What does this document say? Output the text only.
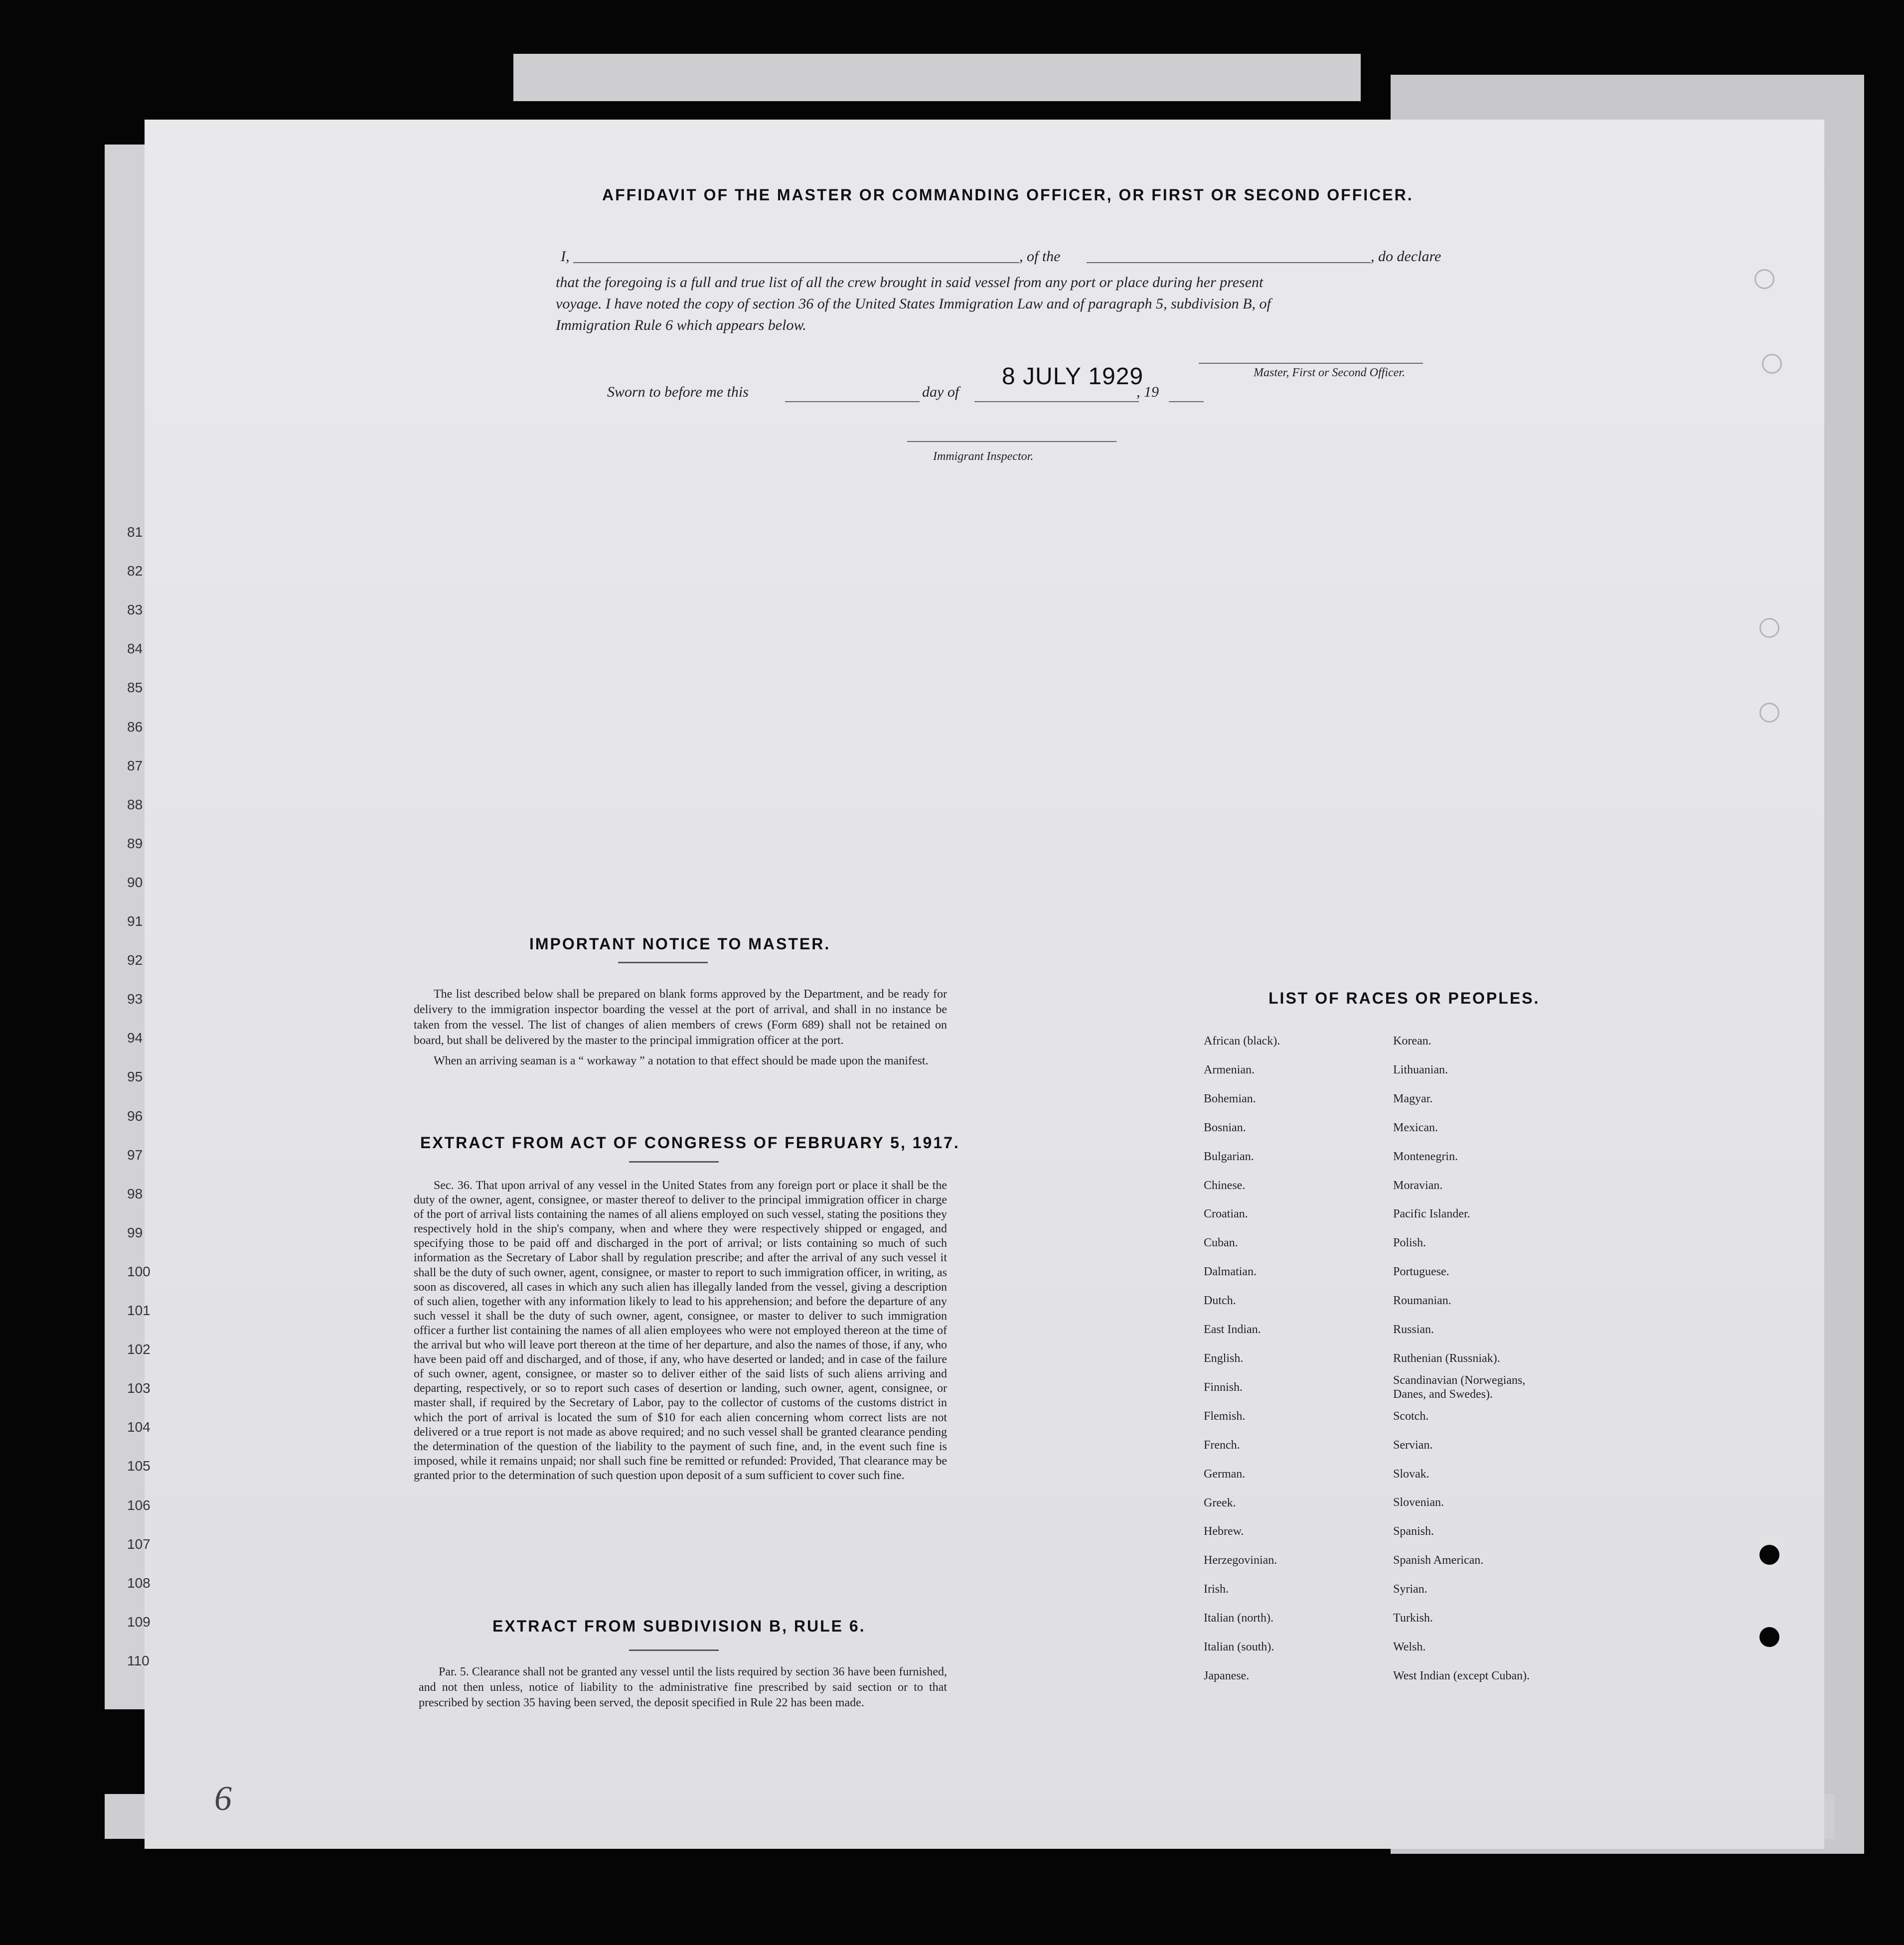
81
82
83
84
85
86
87
88
89
90
91
92
93
94
95
96
97
98
99
100
101
102
103
104
105
106
107
108
109
110
AFFIDAVIT OF THE MASTER OR COMMANDING OFFICER, OR FIRST OR SECOND OFFICER.
I,	, of the	, do declare
that the foregoing is a full and true list of all the crew brought in said vessel from any port or place during her present
voyage. I have noted the copy of section 36 of the United States Immigration Law and of paragraph 5, subdivision B, of
Immigration Rule 6 which appears below.
Master, First or Second Officer.
Sworn to before me this	day of
8 JULY 1929
, 19
Immigrant Inspector.
IMPORTANT NOTICE TO MASTER.

The list described below shall be prepared on blank forms approved by the Department, and be ready for delivery to the immigration inspector boarding the vessel at the port of arrival, and shall in no instance be taken from the vessel. The list of changes of alien members of crews (Form 689) shall not be retained on board, but shall be delivered by the master to the principal immigration officer at the port.

When an arriving seaman is a “ workaway ” a notation to that effect should be made upon the manifest.

EXTRACT FROM ACT OF CONGRESS OF FEBRUARY 5, 1917.

Sec. 36. That upon arrival of any vessel in the United States from any foreign port or place it shall be the duty of the owner, agent, consignee, or master thereof to deliver to the principal immigration officer in charge of the port of arrival lists containing the names of all aliens employed on such vessel, stating the positions they respectively hold in the ship's company, when and where they were respectively shipped or engaged, and specifying those to be paid off and discharged in the port of arrival; or lists containing so much of such information as the Secretary of Labor shall by regulation prescribe; and after the arrival of any such vessel it shall be the duty of such owner, agent, consignee, or master to report to such immigration officer, in writing, as soon as discovered, all cases in which any such alien has illegally landed from the vessel, giving a description of such alien, together with any information likely to lead to his apprehension; and before the departure of any such vessel it shall be the duty of such owner, agent, consignee, or master to deliver to such immigration officer a further list containing the names of all alien employees who were not employed thereon at the time of the arrival but who will leave port thereon at the time of her departure, and also the names of those, if any, who have been paid off and discharged, and of those, if any, who have deserted or landed; and in case of the failure of such owner, agent, consignee, or master so to deliver either of the said lists of such aliens arriving and departing, respectively, or so to report such cases of desertion or landing, such owner, agent, consignee, or master shall, if required by the Secretary of Labor, pay to the collector of customs of the customs district in which the port of arrival is located the sum of $10 for each alien concerning whom correct lists are not delivered or a true report is not made as above required; and no such vessel shall be granted clearance pending the determination of the question of the liability to the payment of such fine, and, in the event such fine is imposed, while it remains unpaid; nor shall such fine be remitted or refunded: Provided, That clearance may be granted prior to the determination of such question upon deposit of a sum sufficient to cover such fine.

EXTRACT FROM SUBDIVISION B, RULE 6.

Par. 5. Clearance shall not be granted any vessel until the lists required by section 36 have been furnished, and not then unless, notice of liability to the administrative fine prescribed by said section or to that prescribed by section 35 having been served, the deposit specified in Rule 22 has been made.

LIST OF RACES OR PEOPLES.
African (black).
Armenian.
Bohemian.
Bosnian.
Bulgarian.
Chinese.
Croatian.
Cuban.
Dalmatian.
Dutch.
East Indian.
English.
Finnish.
Flemish.
French.
German.
Greek.
Hebrew.
Herzegovinian.
Irish.
Italian (north).
Italian (south).
Japanese.
Korean.
Lithuanian.
Magyar.
Mexican.
Montenegrin.
Moravian.
Pacific Islander.
Polish.
Portuguese.
Roumanian.
Russian.
Ruthenian (Russniak).
Scandinavian (Norwegians, Danes, and Swedes).
Scotch.
Servian.
Slovak.
Slovenian.
Spanish.
Spanish American.
Syrian.
Turkish.
Welsh.
West Indian (except Cuban).
6
